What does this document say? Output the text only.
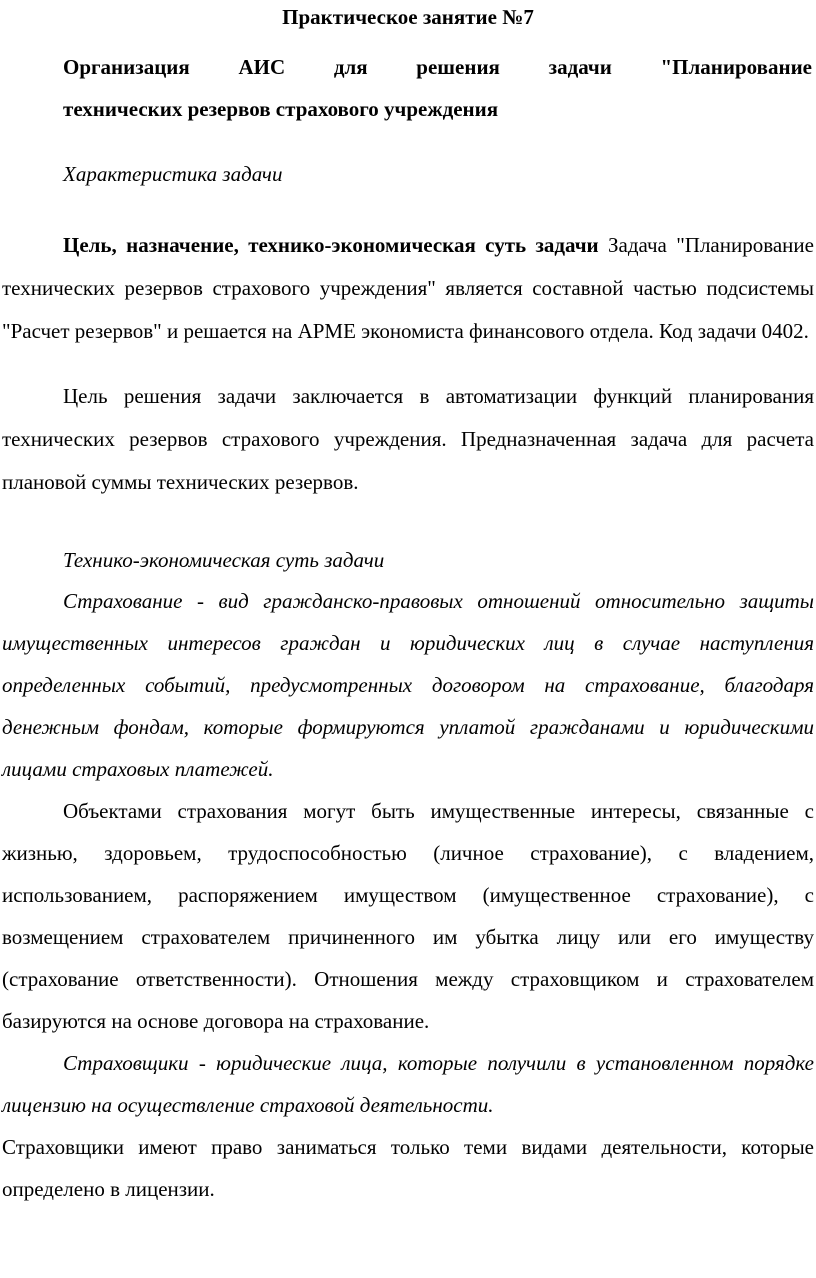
Практическое занятие №7
Организация АИС для решения задачи "Планирование
технических резервов страхового учреждения
Характеристика задачи

Цель, назначение, технико-экономическая суть задачи Задача "Планирование технических резервов страхового учреждения" является составной частью подсистемы "Расчет резервов" и решается на АРМЕ экономиста финансового отдела. Код задачи 0402.

Цель решения задачи заключается в автоматизации функций планирования технических резервов страхового учреждения. Предназначенная задача для расчета плановой суммы технических резервов.

Технико-экономическая суть задачи

Страхование - вид гражданско-правовых отношений относительно защиты имущественных интересов граждан и юридических лиц в случае наступления определенных событий, предусмотренных договором на страхование, благодаря денежным фондам, которые формируются уплатой гражданами и юридическими лицами страховых платежей.

Объектами страхования могут быть имущественные интересы, связанные с жизнью, здоровьем, трудоспособностью (личное страхование), с владением, использованием, распоряжением имуществом (имущественное страхование), с возмещением страхователем причиненного им убытка лицу или его имуществу (страхование ответственности). Отношения между страховщиком и страхователем базируются на основе договора на страхование.

Страховщики - юридические лица, которые получили в установленном порядке лицензию на осуществление страховой деятельности.

Страховщики имеют право заниматься только теми видами деятельности, которые определено в лицензии.
